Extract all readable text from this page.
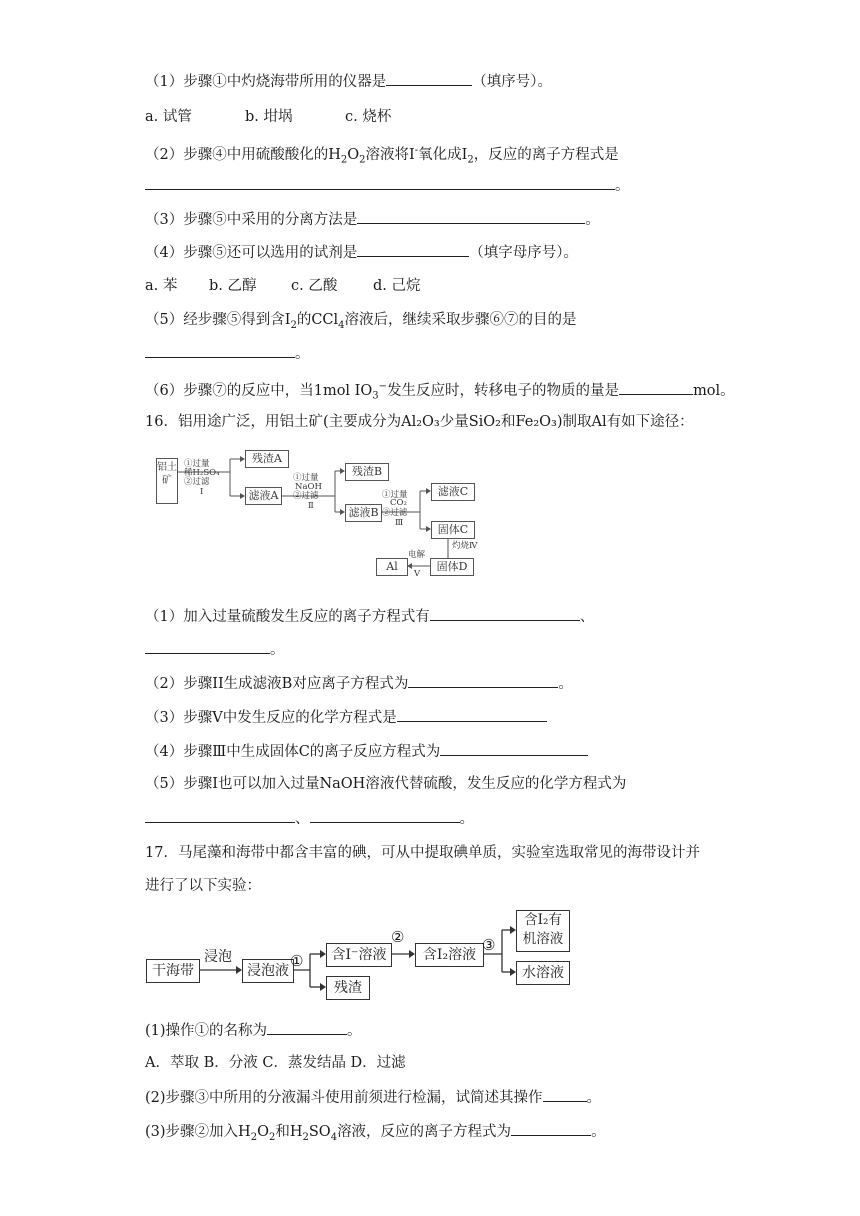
（1）步骤①中灼烧海带所用的仪器是	（填序号）。
a. 试管	b. 坩埚	c. 烧杯
（2）步骤④中用硫酸酸化的$H_2O_2$溶液将I-氧化成$I_2$，反应的离子方程式是
。
（3）步骤⑤中采用的分离方法是	。
（4）步骤⑤还可以选用的试剂是	（填字母序号）。
a. 苯 b. 乙醇 c. 乙酸 d. 己烷
（5）经步骤⑤得到含$I_2$的CCl$_4$溶液后，继续采取步骤⑥⑦的目的是
。
（6）步骤⑦的反应中，当1mol $IO_3^-$发生反应时，转移电子的物质的量是	mol。
16．铝用途广泛，用铝土矿(主要成分为Al₂O₃少量SiO₂和Fe₂O₃)制取Al有如下途径：
铝土矿
①过量
稀H₂SO₄
②过滤
Ⅰ
残渣A
滤液A
①过量
NaOH
②过滤
Ⅱ
残渣B
滤液B
①过量
CO₂
②过滤
Ⅲ
滤液C
固体C
灼烧Ⅳ
固体D
电解
Ⅴ
Al
（1）加入过量硫酸发生反应的离子方程式有	、
。
（2）步骤II生成滤液B对应离子方程式为	。
（3）步骤V中发生反应的化学方程式是
（4）步骤Ⅲ中生成固体C的离子反应方程式为
（5）步骤I也可以加入过量NaOH溶液代替硫酸，发生反应的化学方程式为
、	。
17．马尾藻和海带中都含丰富的碘，可从中提取碘单质，实验室选取常见的海带设计并
进行了以下实验：
干海带
浸泡
浸泡液
①	含I⁻溶液
残渣
②
含I₂溶液
③
含I₂有
机溶液
水溶液
(1)操作①的名称为	。
A．萃取 B．分液 C．蒸发结晶 D．过滤
(2)步骤③中所用的分液漏斗使用前须进行检漏，试简述其操作	。
(3)步骤②加入$H_2O_2$和$H_2SO_4$溶液，反应的离子方程式为	。
